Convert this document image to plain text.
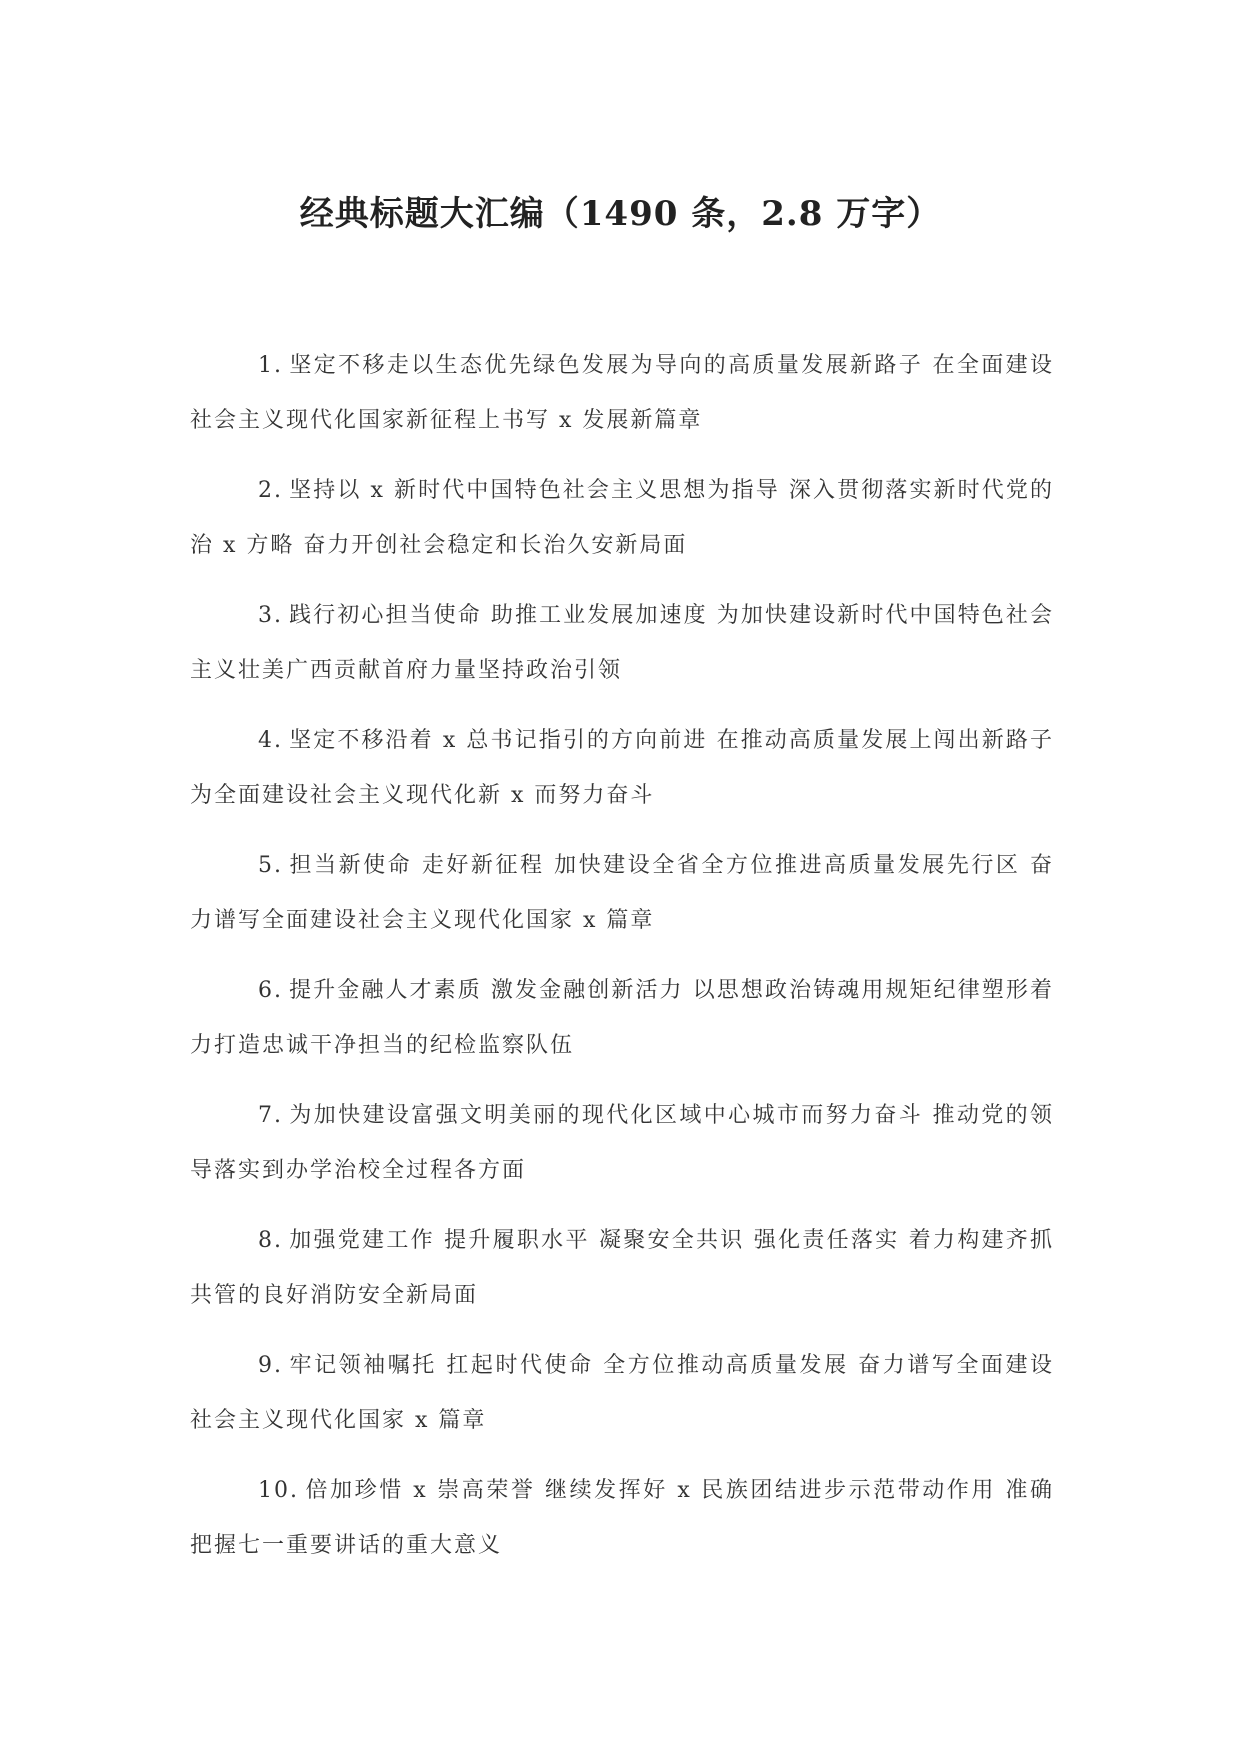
经典标题大汇编（1490 条，2.8 万字）

1. 坚定不移走以生态优先绿色发展为导向的高质量发展新路子 在全面建设社会主义现代化国家新征程上书写 x 发展新篇章

2. 坚持以 x 新时代中国特色社会主义思想为指导 深入贯彻落实新时代党的治 x 方略 奋力开创社会稳定和长治久安新局面

3. 践行初心担当使命 助推工业发展加速度 为加快建设新时代中国特色社会主义壮美广西贡献首府力量坚持政治引领

4. 坚定不移沿着 x 总书记指引的方向前进 在推动高质量发展上闯出新路子 为全面建设社会主义现代化新 x 而努力奋斗

5. 担当新使命 走好新征程 加快建设全省全方位推进高质量发展先行区 奋力谱写全面建设社会主义现代化国家 x 篇章

6. 提升金融人才素质 激发金融创新活力 以思想政治铸魂用规矩纪律塑形着力打造忠诚干净担当的纪检监察队伍

7. 为加快建设富强文明美丽的现代化区域中心城市而努力奋斗 推动党的领导落实到办学治校全过程各方面

8. 加强党建工作 提升履职水平 凝聚安全共识 强化责任落实 着力构建齐抓共管的良好消防安全新局面

9. 牢记领袖嘱托 扛起时代使命 全方位推动高质量发展 奋力谱写全面建设社会主义现代化国家 x 篇章

10. 倍加珍惜 x 崇高荣誉 继续发挥好 x 民族团结进步示范带动作用 准确把握七一重要讲话的重大意义
